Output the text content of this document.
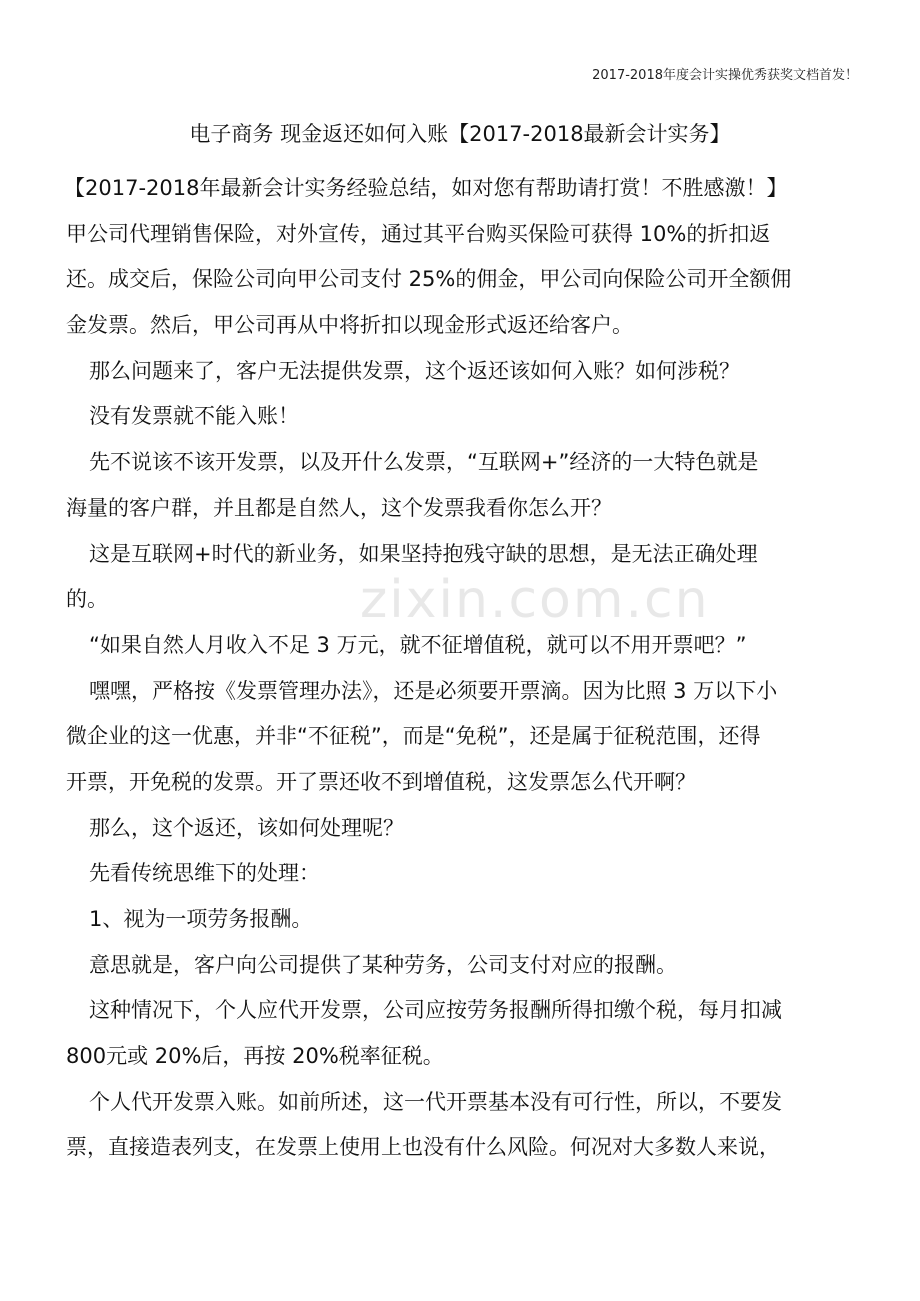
2017-2018年度会计实操优秀获奖文档首发！
电子商务 现金返还如何入账【2017-2018最新会计实务】
zixin.com.cn
【2017-2018年最新会计实务经验总结，如对您有帮助请打赏！不胜感激！】
甲公司代理销售保险，对外宣传，通过其平台购买保险可获得 10%的折扣返
还。成交后，保险公司向甲公司支付 25%的佣金，甲公司向保险公司开全额佣
金发票。然后，甲公司再从中将折扣以现金形式返还给客户。
那么问题来了，客户无法提供发票，这个返还该如何入账？如何涉税？
没有发票就不能入账！
先不说该不该开发票，以及开什么发票，“互联网+”经济的一大特色就是
海量的客户群，并且都是自然人，这个发票我看你怎么开？
这是互联网+时代的新业务，如果坚持抱残守缺的思想，是无法正确处理
的。
“如果自然人月收入不足 3 万元，就不征增值税，就可以不用开票吧？”
嘿嘿，严格按《发票管理办法》，还是必须要开票滴。因为比照 3 万以下小
微企业的这一优惠，并非“不征税”，而是“免税”，还是属于征税范围，还得
开票，开免税的发票。开了票还收不到增值税，这发票怎么代开啊？
那么，这个返还，该如何处理呢？
先看传统思维下的处理：
1、视为一项劳务报酬。
意思就是，客户向公司提供了某种劳务，公司支付对应的报酬。
这种情况下，个人应代开发票，公司应按劳务报酬所得扣缴个税，每月扣减
800元或 20%后，再按 20%税率征税。
个人代开发票入账。如前所述，这一代开票基本没有可行性，所以，不要发
票，直接造表列支，在发票上使用上也没有什么风险。何况对大多数人来说，
